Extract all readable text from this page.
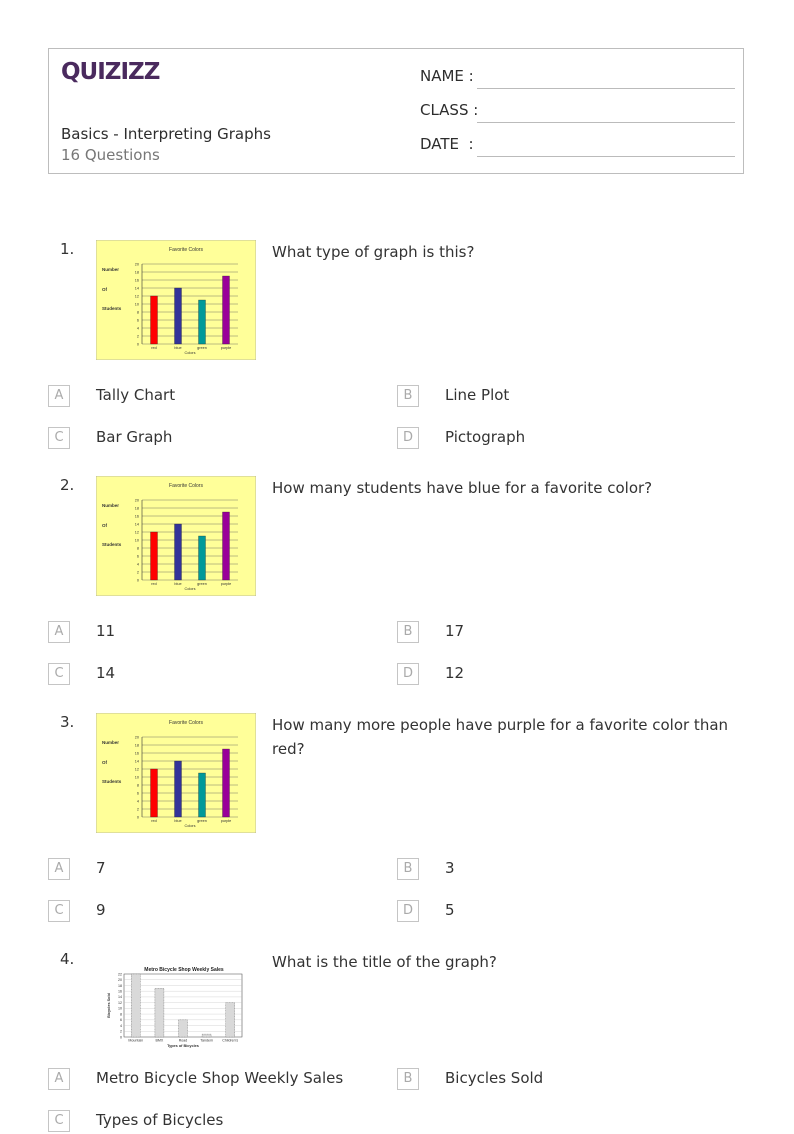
QUIZIZZ
Basics - Interpreting Graphs
16 Questions
NAME :
CLASS :
DATE  :
1.	Favorite Colors
Number
Of
Students
0
2
4
6
8
10
12
14
16
18
20
red	blue	green	purple
Colors
What type of graph is this?
A	Tally Chart	B	Line Plot
C	Bar Graph	D	Pictograph
2.	Favorite Colors
Number
Of
Students
0
2
4
6
8
10
12
14
16
18
20
red	blue	green	purple
Colors
How many students have blue for a favorite color?
A	11	B	17
C	14	D	12
3.	Favorite Colors
Number
Of
Students
0
2
4
6
8
10
12
14
16
18
20
red	blue	green	purple
Colors
How many more people have purple for a favorite color than red?
A	7	B	3
C	9	D	5
4.
Metro Bicycle Shop Weekly Sales
0
2
4
6
8
10
12
14
16
18
20
22
Bicycles Sold
Mountain	BMX	Road	Tandem	Children's
Types of Bicycles
What is the title of the graph?
A	Metro Bicycle Shop Weekly Sales	B	Bicycles Sold
C	Types of Bicycles
